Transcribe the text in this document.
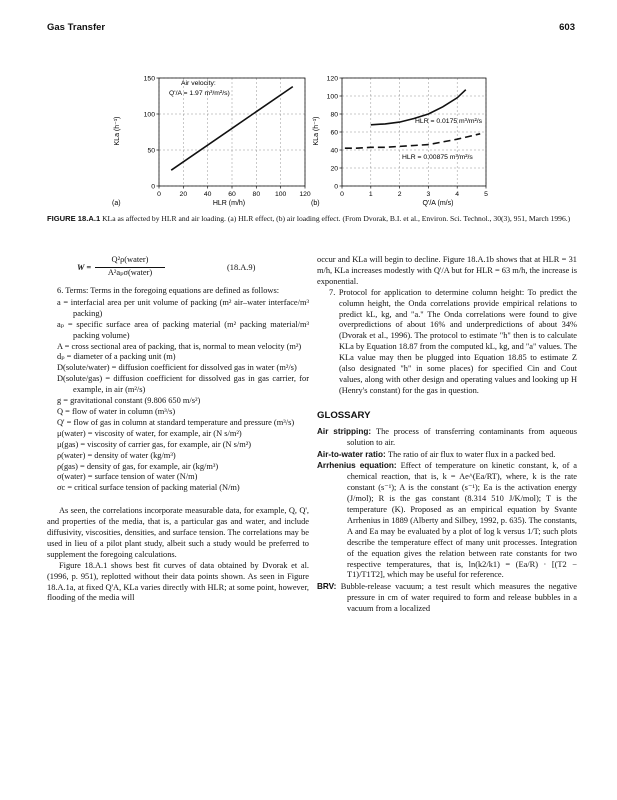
Gas Transfer	603
0	20 40 60 80 100 120
0
50
100
150
Air velocity:
Q'/A = 1.97 m³/m²/s)
HLR (m/h)
KLa (h⁻¹)
(a)
0	1	2	3	4	5
0
20
40
60
80
100
120
HLR = 0.0175 m³/m²/s
HLR = 0.00875 m³/m²/s
Q'/A (m/s)
KLa (h⁻¹)
(b)
FIGURE 18.A.1 KLa as affected by HLR and air loading. (a) HLR effect, (b) air loading effect. (From Dvorak, B.I. et al., Environ. Sci. Technol., 30(3), 951, March 1996.)
W =
Q²ρ(water)
A²aₚσ(water)
(18.A.9)

6. Terms: Terms in the foregoing equations are defined as follows:

a = interfacial area per unit volume of packing (m² air–water interface/m³ packing)

aₚ = specific surface area of packing material (m² packing material/m³ packing volume)

A = cross sectional area of packing, that is, normal to mean velocity (m²)

dₚ = diameter of a packing unit (m)

D(solute/water) = diffusion coefficient for dissolved gas in water (m²/s)

D(solute/gas) = diffusion coefficient for dissolved gas in gas carrier, for example, in air (m²/s)

g = gravitational constant (9.806 650 m/s²)

Q = flow of water in column (m³/s)

Q' = flow of gas in column at standard temperature and pressure (m³/s)

μ(water) = viscosity of water, for example, air (N s/m²)

μ(gas) = viscosity of carrier gas, for example, air (N s/m²)

ρ(water) = density of water (kg/m³)

ρ(gas) = density of gas, for example, air (kg/m³)

σ(water) = surface tension of water (N/m)

σc = critical surface tension of packing material (N/m)

As seen, the correlations incorporate measurable data, for example, Q, Q', and properties of the media, that is, a particular gas and water, and include diffusivity, viscosities, densities, and surface tension. The correlations may be used in lieu of a pilot plant study, albeit such a study would be preferred to supplement the foregoing calculations.

Figure 18.A.1 shows best fit curves of data obtained by Dvorak et al. (1996, p. 951), replotted without their data points shown. As seen in Figure 18.A.1a, at fixed Q'A, KLa varies directly with HLR; at some point, however, flooding of the media will

occur and KLa will begin to decline. Figure 18.A.1b shows that at HLR = 31 m/h, KLa increases modestly with Q'/A but for HLR = 63 m/h, the increase is exponential.

7. Protocol for application to determine column height: To predict the column height, the Onda correlations provide empirical relations to predict kL, kg, and "a." The Onda correlations were found to give overpredictions of about 16% and underpredictions of about 34% (Dvorak et al., 1996). The protocol to estimate "h" then is to calculate KLa by Equation 18.87 from the computed kL, kg, and "a" values. The KLa value may then be plugged into Equation 18.85 to estimate Z (also designated "h" in some places) for specified Cin and Cout values, along with other design and operating values and looking up H (Henry's constant) for the gas in question.

GLOSSARY

Air stripping: The process of transferring contaminants from aqueous solution to air.

Air-to-water ratio: The ratio of air flux to water flux in a packed bed.

Arrhenius equation: Effect of temperature on kinetic constant, k, of a chemical reaction, that is, k = Ae^(Ea/RT), where, k is the rate constant (s⁻¹); A is the constant (s⁻¹); Ea is the activation energy (J/mol); R is the gas constant (8.314 510 J/K/mol); T is the temperature (K). Proposed as an empirical equation by Svante Arrhenius in 1889 (Alberty and Silbey, 1992, p. 635). The constants, A and Ea may be evaluated by a plot of log k versus 1/T; such plots describe the temperature effect of many unit processes. Integration of the equation gives the relation between rate constants for two respective temperatures, that is, ln(k2/k1) = (Ea/R) · [(T2 − T1)/T1T2], which may be useful for reference.

BRV: Bubble-release vacuum; a test result which measures the negative pressure in cm of water required to form and release bubbles in a vacuum from a localized
